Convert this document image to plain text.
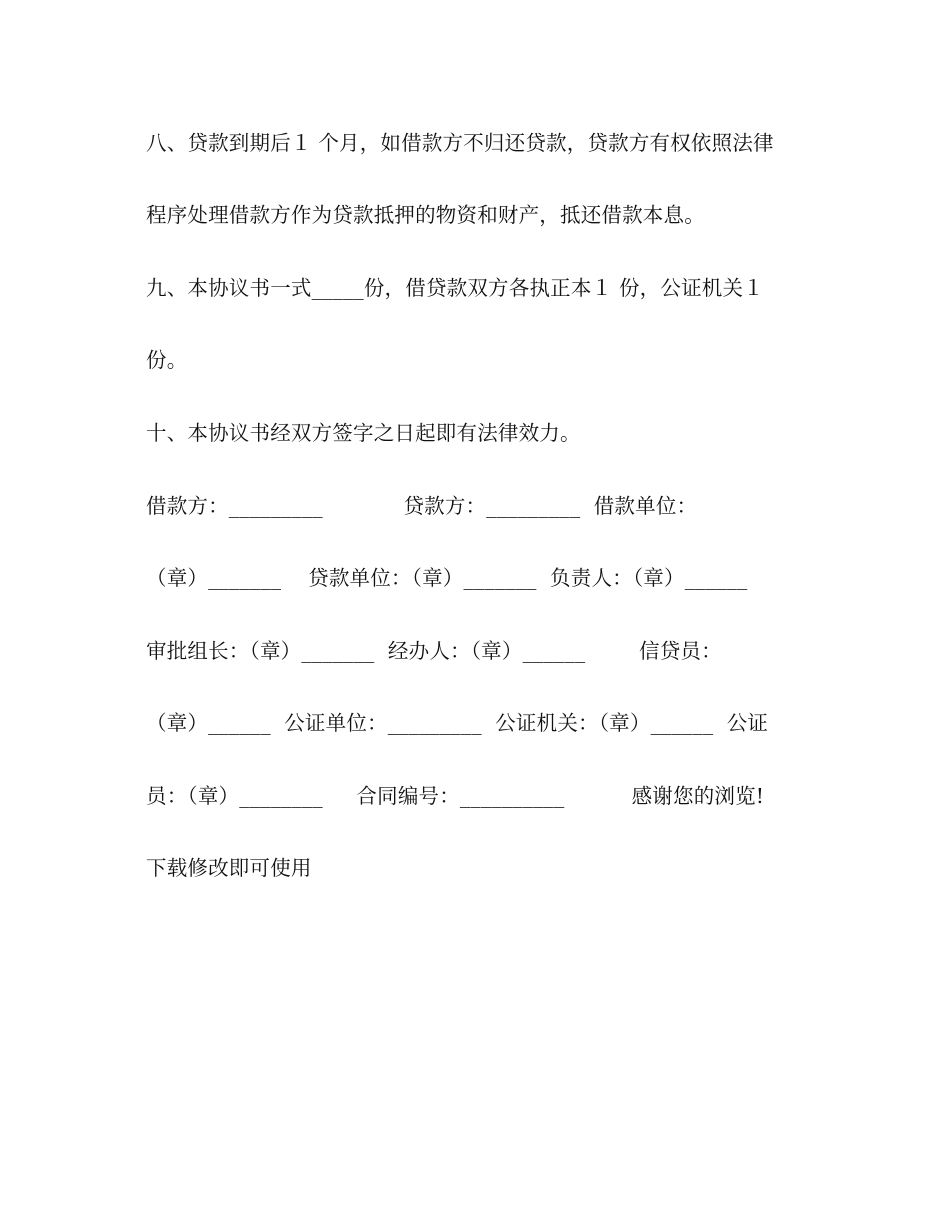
八、贷款到期后１ 个月，如借款方不归还贷款，贷款方有权依照法律
程序处理借款方作为贷款抵押的物资和财产，抵还借款本息。
九、本协议书一式_____份，借贷款双方各执正本１ 份，公证机关１
份。
十、本协议书经双方签字之日起即有法律效力。
借款方：_________            贷款方：_________  借款单位：
（章）_______    贷款单位：（章）_______  负责人：（章）______
审批组长：（章）_______  经办人：（章）______        信贷员：
（章）______  公证单位：_________  公证机关：（章）______  公证
员：（章）________     合同编号：__________          感谢您的浏览!
下载修改即可使用
